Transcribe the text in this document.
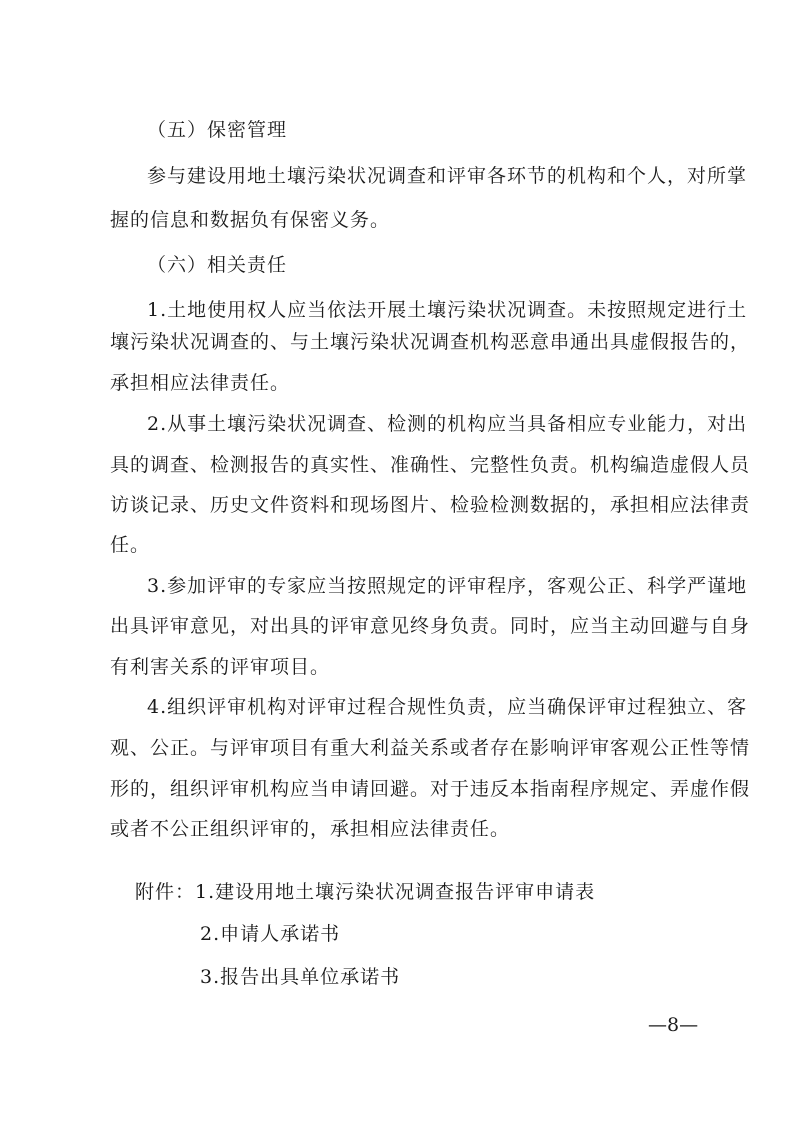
（五）保密管理
参与建设用地土壤污染状况调查和评审各环节的机构和个人，对所掌
握的信息和数据负有保密义务。
（六）相关责任
1.土地使用权人应当依法开展土壤污染状况调查。未按照规定进行土
壤污染状况调查的、与土壤污染状况调查机构恶意串通出具虚假报告的，
承担相应法律责任。
2.从事土壤污染状况调查、检测的机构应当具备相应专业能力，对出
具的调查、检测报告的真实性、准确性、完整性负责。机构编造虚假人员
访谈记录、历史文件资料和现场图片、检验检测数据的，承担相应法律责
任。
3.参加评审的专家应当按照规定的评审程序，客观公正、科学严谨地
出具评审意见，对出具的评审意见终身负责。同时，应当主动回避与自身
有利害关系的评审项目。
4.组织评审机构对评审过程合规性负责，应当确保评审过程独立、客
观、公正。与评审项目有重大利益关系或者存在影响评审客观公正性等情
形的，组织评审机构应当申请回避。对于违反本指南程序规定、弄虚作假
或者不公正组织评审的，承担相应法律责任。
附件：1.建设用地土壤污染状况调查报告评审申请表
2.申请人承诺书
3.报告出具单位承诺书
—8—
